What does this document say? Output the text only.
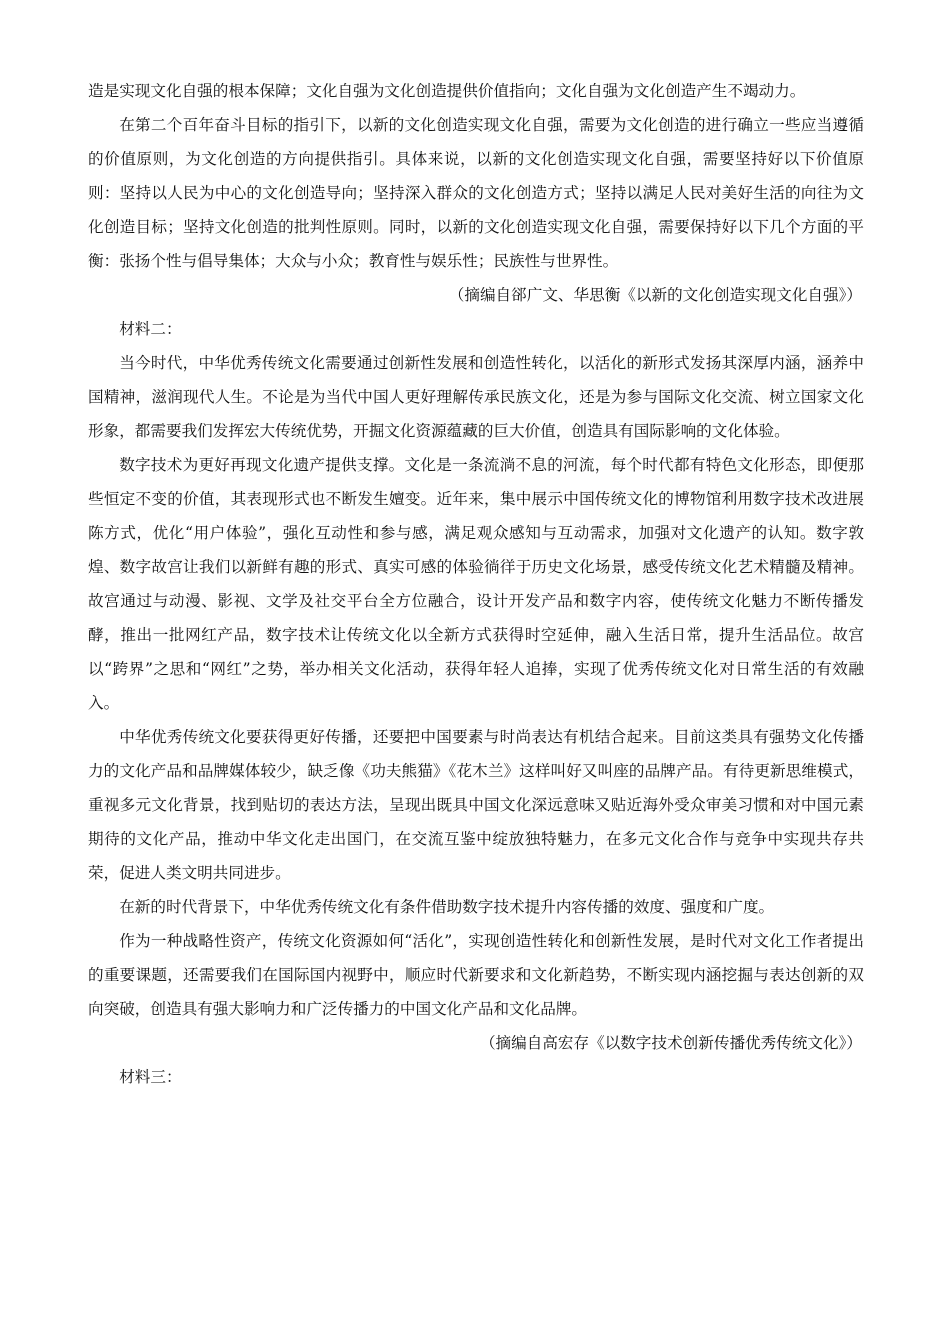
造是实现文化自强的根本保障；文化自强为文化创造提供价值指向；文化自强为文化创造产生不竭动力。

在第二个百年奋斗目标的指引下，以新的文化创造实现文化自强，需要为文化创造的进行确立一些应当遵循的价值原则，为文化创造的方向提供指引。具体来说，以新的文化创造实现文化自强，需要坚持好以下价值原则：坚持以人民为中心的文化创造导向；坚持深入群众的文化创造方式；坚持以满足人民对美好生活的向往为文化创造目标；坚持文化创造的批判性原则。同时，以新的文化创造实现文化自强，需要保持好以下几个方面的平衡：张扬个性与倡导集体；大众与小众；教育性与娱乐性；民族性与世界性。

（摘编自郤广文、华思衡《以新的文化创造实现文化自强》）

材料二：

当今时代，中华优秀传统文化需要通过创新性发展和创造性转化，以活化的新形式发扬其深厚内涵，涵养中国精神，滋润现代人生。不论是为当代中国人更好理解传承民族文化，还是为参与国际文化交流、树立国家文化形象，都需要我们发挥宏大传统优势，开掘文化资源蕴藏的巨大价值，创造具有国际影响的文化体验。

数字技术为更好再现文化遗产提供支撑。文化是一条流淌不息的河流，每个时代都有特色文化形态，即便那些恒定不变的价值，其表现形式也不断发生嬗变。近年来，集中展示中国传统文化的博物馆利用数字技术改进展陈方式，优化“用户体验”，强化互动性和参与感，满足观众感知与互动需求，加强对文化遗产的认知。数字敦煌、数字故宫让我们以新鲜有趣的形式、真实可感的体验徜徉于历史文化场景，感受传统文化艺术精髓及精神。故宫通过与动漫、影视、文学及社交平台全方位融合，设计开发产品和数字内容，使传统文化魅力不断传播发酵，推出一批网红产品，数字技术让传统文化以全新方式获得时空延伸，融入生活日常，提升生活品位。故宫以“跨界”之思和“网红”之势，举办相关文化活动，获得年轻人追捧，实现了优秀传统文化对日常生活的有效融入。

中华优秀传统文化要获得更好传播，还要把中国要素与时尚表达有机结合起来。目前这类具有强势文化传播力的文化产品和品牌媒体较少，缺乏像《功夫熊猫》《花木兰》这样叫好又叫座的品牌产品。有待更新思维模式，重视多元文化背景，找到贴切的表达方法，呈现出既具中国文化深远意味又贴近海外受众审美习惯和对中国元素期待的文化产品，推动中华文化走出国门，在交流互鉴中绽放独特魅力，在多元文化合作与竞争中实现共存共荣，促进人类文明共同进步。

在新的时代背景下，中华优秀传统文化有条件借助数字技术提升内容传播的效度、强度和广度。

作为一种战略性资产，传统文化资源如何“活化”，实现创造性转化和创新性发展，是时代对文化工作者提出的重要课题，还需要我们在国际国内视野中，顺应时代新要求和文化新趋势，不断实现内涵挖掘与表达创新的双向突破，创造具有强大影响力和广泛传播力的中国文化产品和文化品牌。

（摘编自高宏存《以数字技术创新传播优秀传统文化》）

材料三：
